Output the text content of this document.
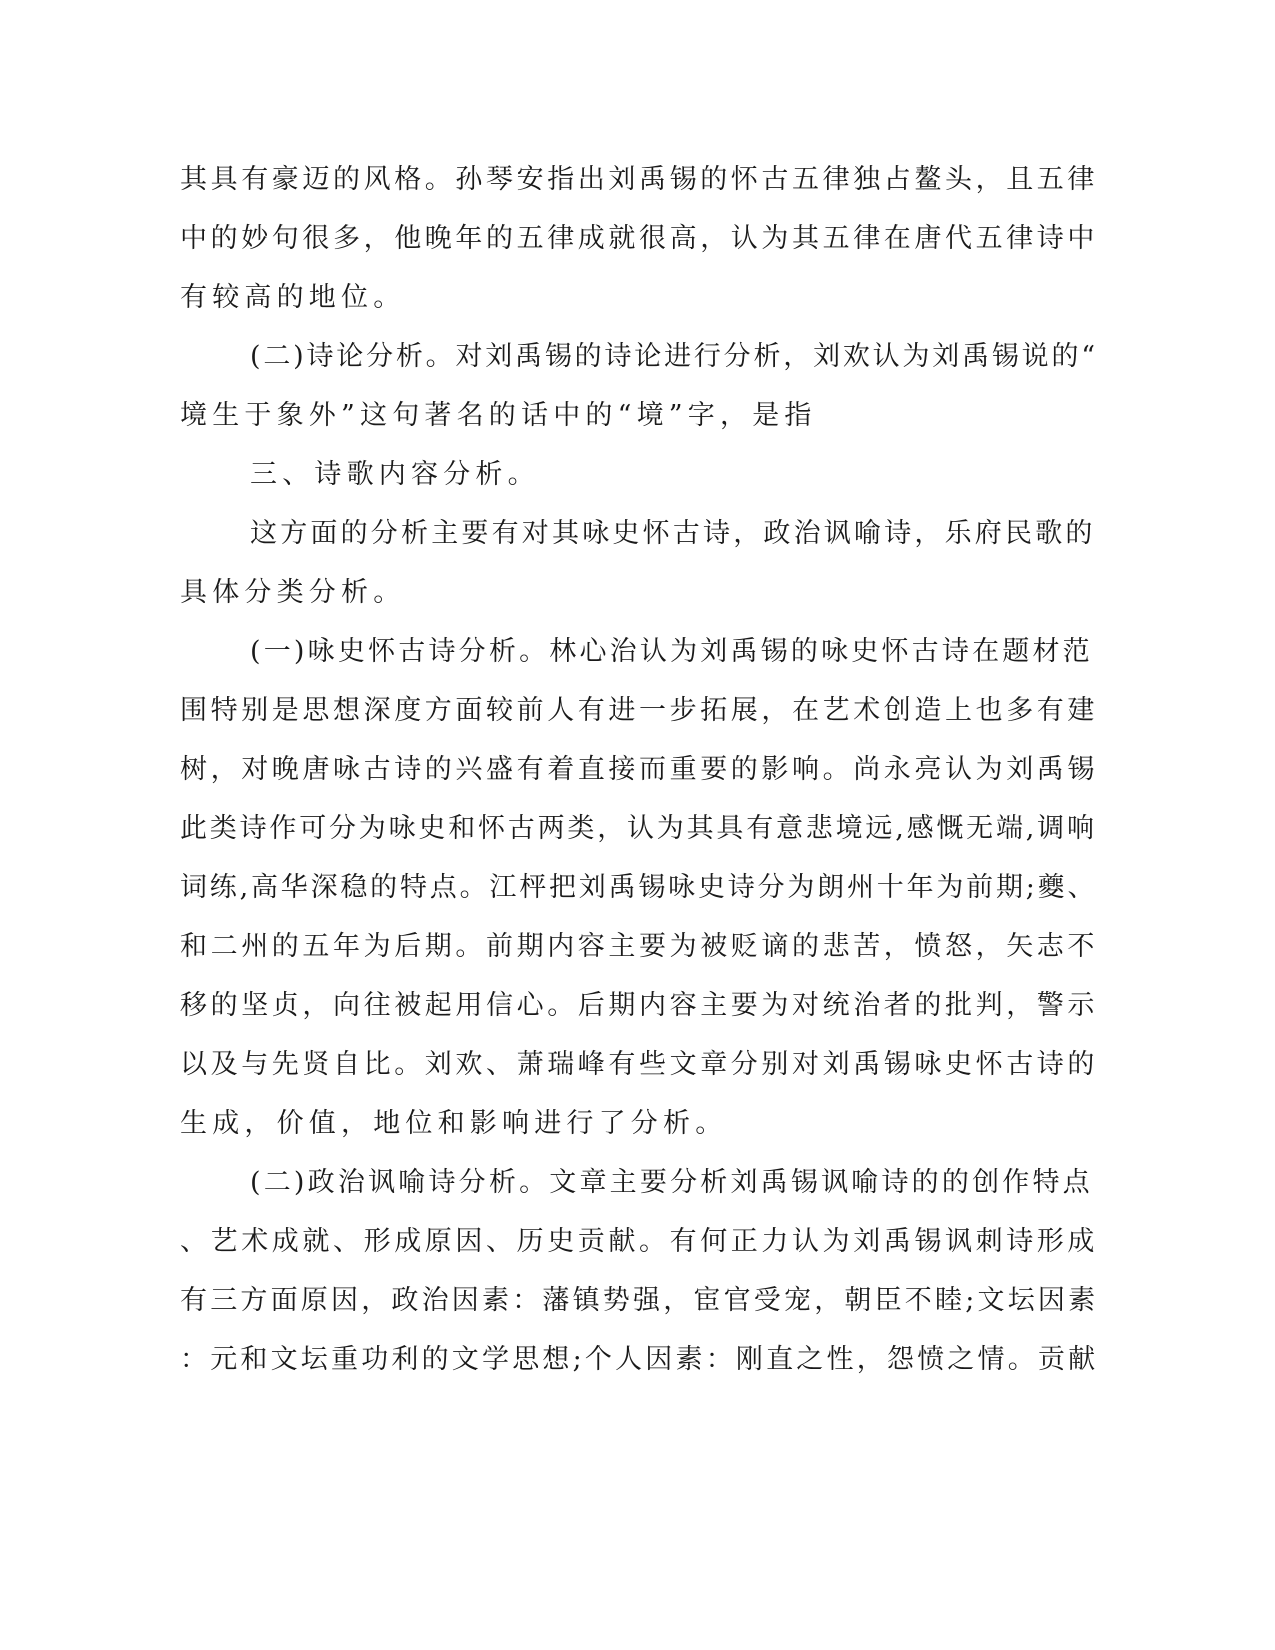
其具有豪迈的风格。孙琴安指出刘禹锡的怀古五律独占鳌头，且五律
中的妙句很多，他晚年的五律成就很高，认为其五律在唐代五律诗中
有较高的地位。
(二)诗论分析。对刘禹锡的诗论进行分析，刘欢认为刘禹锡说的“
境生于象外”这句著名的话中的“境”字，是指
三、诗歌内容分析。
这方面的分析主要有对其咏史怀古诗，政治讽喻诗，乐府民歌的
具体分类分析。
(一)咏史怀古诗分析。林心治认为刘禹锡的咏史怀古诗在题材范
围特别是思想深度方面较前人有进一步拓展，在艺术创造上也多有建
树，对晚唐咏古诗的兴盛有着直接而重要的影响。尚永亮认为刘禹锡
此类诗作可分为咏史和怀古两类，认为其具有意悲境远,感慨无端,调响
词练,高华深稳的特点。江枰把刘禹锡咏史诗分为朗州十年为前期;夔、
和二州的五年为后期。前期内容主要为被贬谪的悲苦，愤怒，矢志不
移的坚贞，向往被起用信心。后期内容主要为对统治者的批判，警示
以及与先贤自比。刘欢、萧瑞峰有些文章分别对刘禹锡咏史怀古诗的
生成，价值，地位和影响进行了分析。
(二)政治讽喻诗分析。文章主要分析刘禹锡讽喻诗的的创作特点
、艺术成就、形成原因、历史贡献。有何正力认为刘禹锡讽刺诗形成
有三方面原因，政治因素：藩镇势强，宦官受宠，朝臣不睦;文坛因素
：元和文坛重功利的文学思想;个人因素：刚直之性，怨愤之情。贡献
